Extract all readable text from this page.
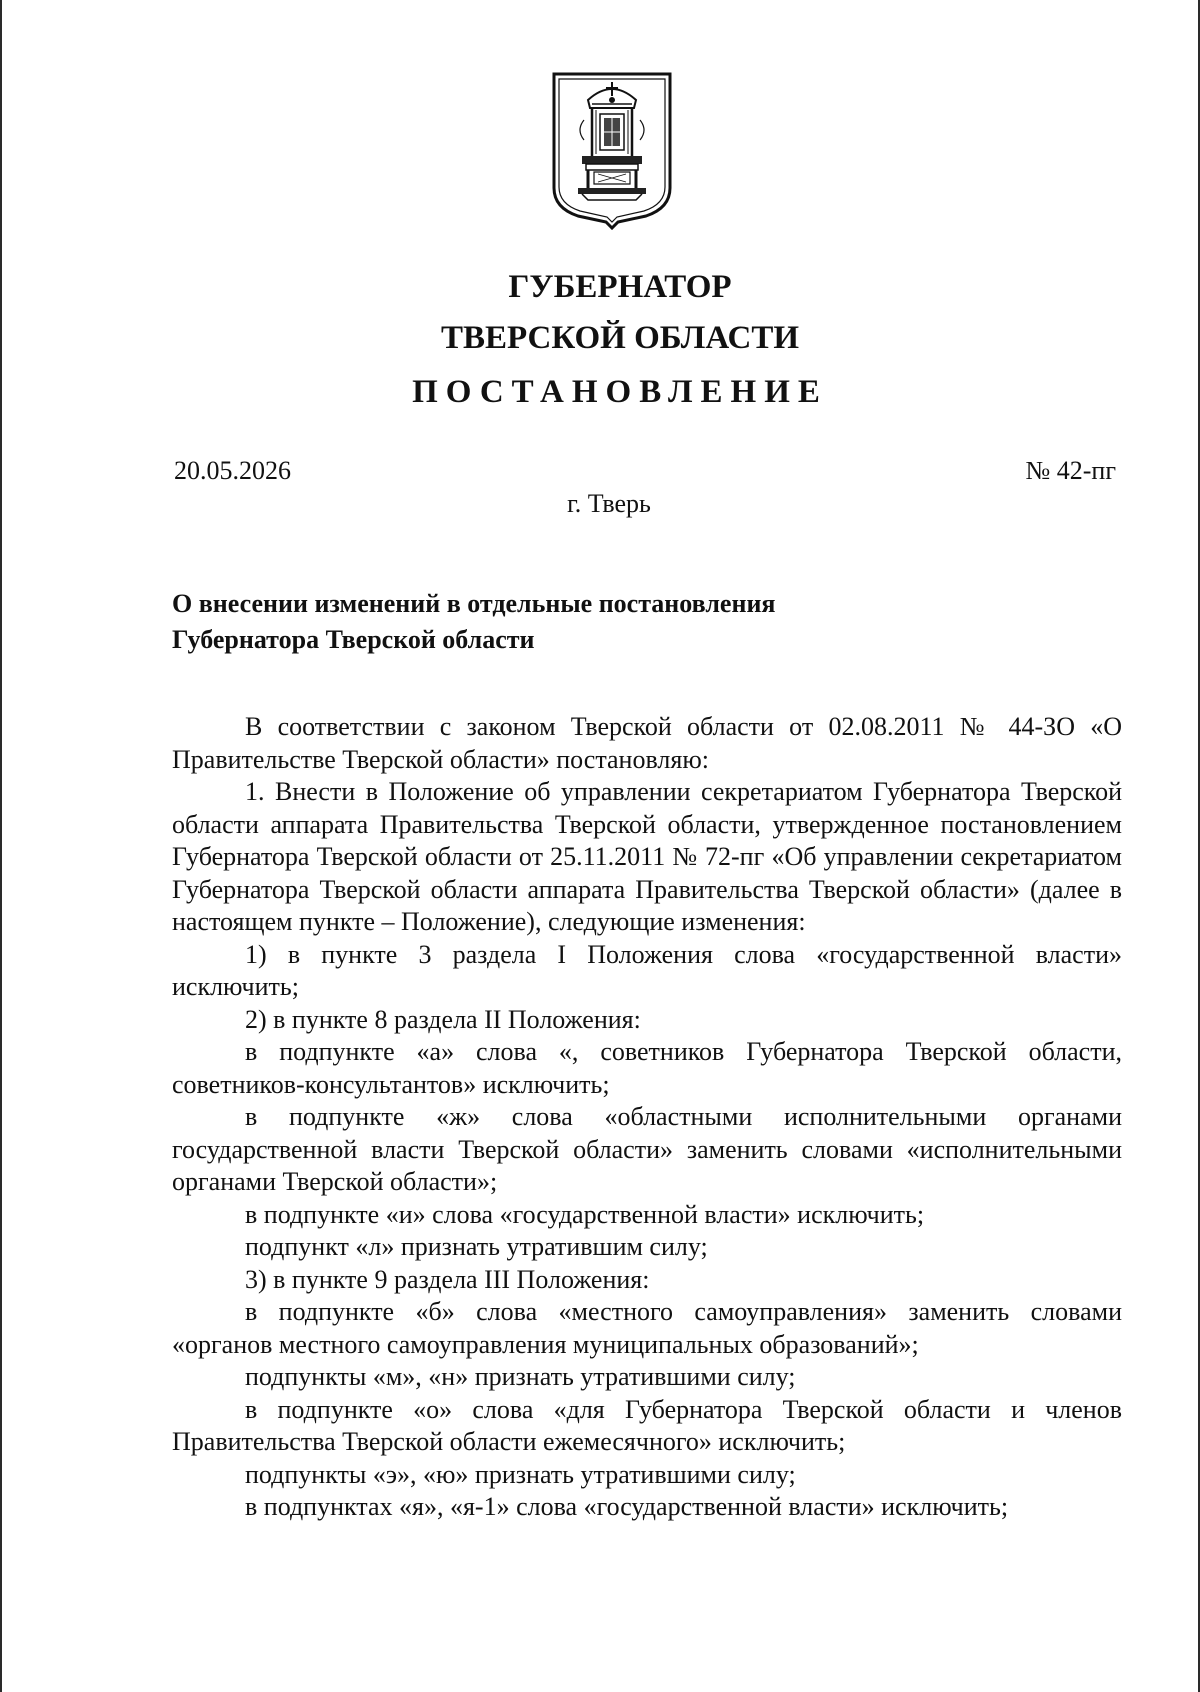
ГУБЕРНАТОР
ТВЕРСКОЙ ОБЛАСТИ
ПОСТАНОВЛЕНИЕ
20.05.2026	№ 42-пг
г. Тверь
О внесении изменений в отдельные постановления
Губернатора Тверской области

В соответствии с законом Тверской области от 02.08.2011 № 44-ЗО «О Правительстве Тверской области» постановляю:

1. Внести в Положение об управлении секретариатом Губернатора Тверской области аппарата Правительства Тверской области, утвержденное постановлением Губернатора Тверской области от 25.11.2011 № 72-пг «Об управлении секретариатом Губернатора Тверской области аппарата Правительства Тверской области» (далее в настоящем пункте – Положение), следующие изменения:

1) в пункте 3 раздела I Положения слова «государственной власти» исключить;

2) в пункте 8 раздела II Положения:

в подпункте «а» слова «, советников Губернатора Тверской области, советников-консультантов» исключить;

в подпункте «ж» слова «областными исполнительными органами государственной власти Тверской области» заменить словами «исполнительными органами Тверской области»;

в подпункте «и» слова «государственной власти» исключить;

подпункт «л» признать утратившим силу;

3) в пункте 9 раздела III Положения:

в подпункте «б» слова «местного самоуправления» заменить словами «органов местного самоуправления муниципальных образований»;

подпункты «м», «н» признать утратившими силу;

в подпункте «о» слова «для Губернатора Тверской области и членов Правительства Тверской области ежемесячного» исключить;

подпункты «э», «ю» признать утратившими силу;

в подпунктах «я», «я-1» слова «государственной власти» исключить;
